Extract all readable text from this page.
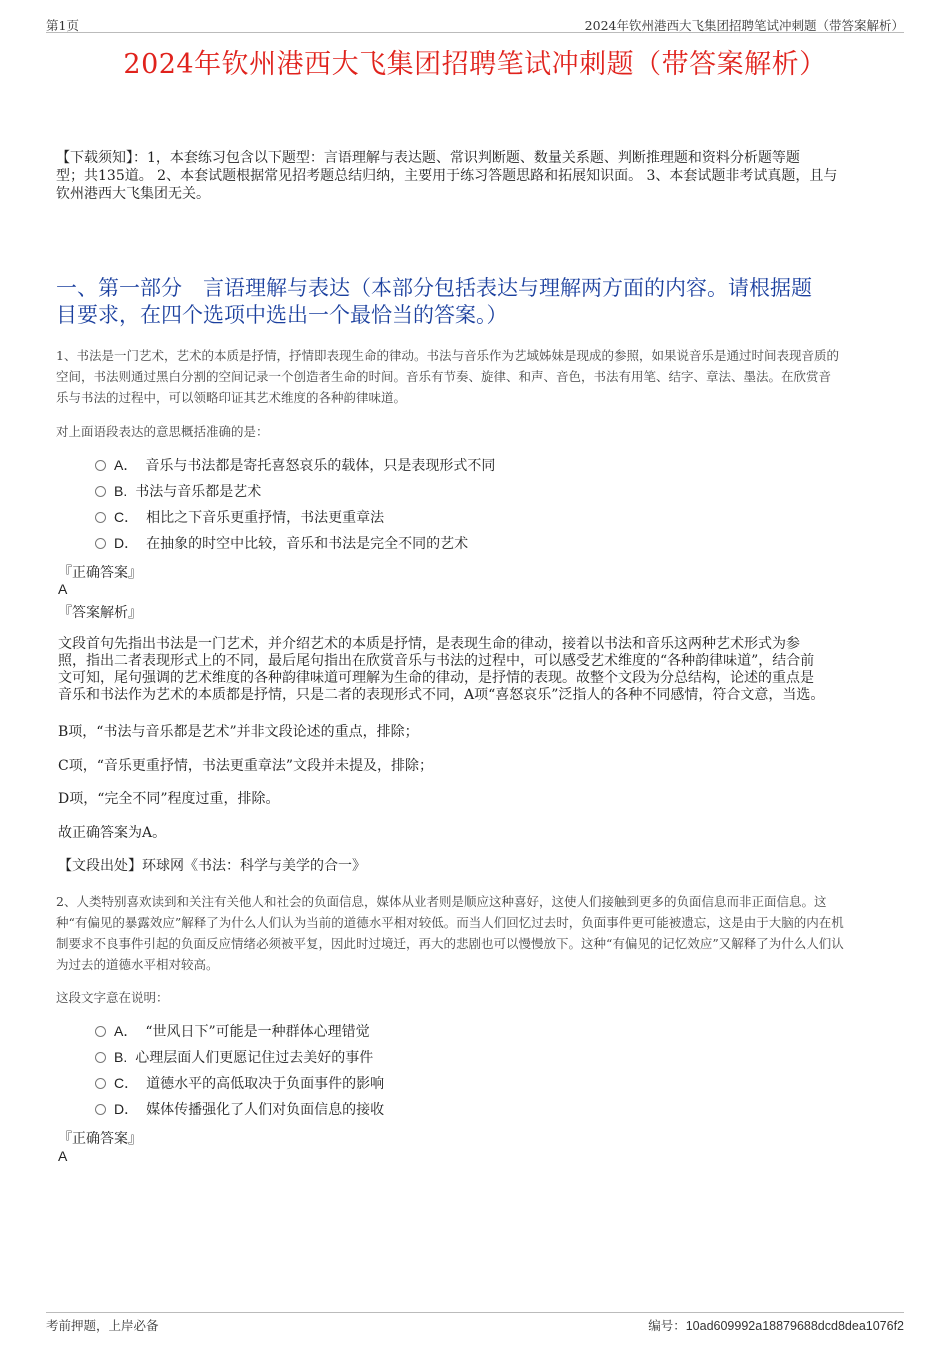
第1页	2024年钦州港西大飞集团招聘笔试冲刺题（带答案解析）
2024年钦州港西大飞集团招聘笔试冲刺题（带答案解析）
【下载须知】：1，本套练习包含以下题型：言语理解与表达题、常识判断题、数量关系题、判断推理题和资料分析题等题
型；共135道。 2、本套试题根据常见招考题总结归纳，主要用于练习答题思路和拓展知识面。 3、本套试题非考试真题，且与
钦州港西大飞集团无关。
一、第一部分　言语理解与表达（本部分包括表达与理解两方面的内容。请根据题
目要求，在四个选项中选出一个最恰当的答案。）
1、书法是一门艺术，艺术的本质是抒情，抒情即表现生命的律动。书法与音乐作为艺域姊妹是现成的参照，如果说音乐是通过时间表现音质的
空间，书法则通过黑白分割的空间记录一个创造者生命的时间。音乐有节奏、旋律、和声、音色，书法有用笔、结字、章法、墨法。在欣赏音
乐与书法的过程中，可以领略印证其艺术维度的各种韵律味道。
对上面语段表达的意思概括准确的是：
A． 音乐与书法都是寄托喜怒哀乐的载体，只是表现形式不同
B. 书法与音乐都是艺术
C． 相比之下音乐更重抒情，书法更重章法
D． 在抽象的时空中比较，音乐和书法是完全不同的艺术
『正确答案』
A
『答案解析』
文段首句先指出书法是一门艺术，并介绍艺术的本质是抒情，是表现生命的律动，接着以书法和音乐这两种艺术形式为参
照，指出二者表现形式上的不同，最后尾句指出在欣赏音乐与书法的过程中，可以感受艺术维度的“各种韵律味道”，结合前
文可知，尾句强调的艺术维度的各种韵律味道可理解为生命的律动，是抒情的表现。故整个文段为分总结构，论述的重点是
音乐和书法作为艺术的本质都是抒情，只是二者的表现形式不同，A项“喜怒哀乐”泛指人的各种不同感情，符合文意，当选。
B项，“书法与音乐都是艺术”并非文段论述的重点，排除；
C项，“音乐更重抒情，书法更重章法”文段并未提及，排除；
D项，“完全不同”程度过重，排除。
故正确答案为A。
【文段出处】环球网《书法：科学与美学的合一》
2、人类特别喜欢读到和关注有关他人和社会的负面信息，媒体从业者则是顺应这种喜好，这使人们接触到更多的负面信息而非正面信息。这
种“有偏见的暴露效应”解释了为什么人们认为当前的道德水平相对较低。而当人们回忆过去时，负面事件更可能被遗忘，这是由于大脑的内在机
制要求不良事件引起的负面反应情绪必须被平复，因此时过境迁，再大的悲剧也可以慢慢放下。这种“有偏见的记忆效应”又解释了为什么人们认
为过去的道德水平相对较高。
这段文字意在说明：
A． “世风日下”可能是一种群体心理错觉
B. 心理层面人们更愿记住过去美好的事件
C． 道德水平的高低取决于负面事件的影响
D． 媒体传播强化了人们对负面信息的接收
『正确答案』
A
考前押题，上岸必备	编号：10ad609992a18879688dcd8dea1076f2
